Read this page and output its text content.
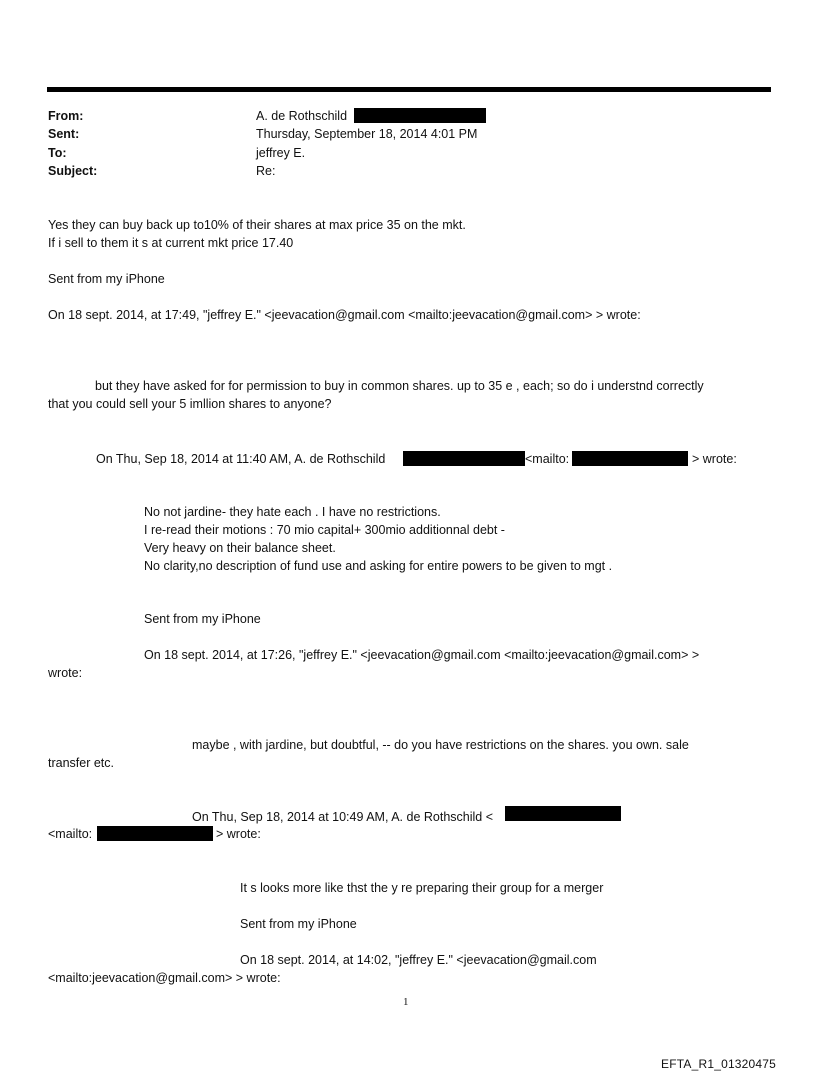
From:	A. de Rothschild
Sent:	Thursday, September 18, 2014 4:01 PM
To:	jeffrey E.
Subject:	Re:
Yes they can buy back up to10% of their shares at max price 35 on the mkt.
If i sell to them it s at current mkt price 17.40
Sent from my iPhone
On 18 sept. 2014, at 17:49, "jeffrey E." <jeevacation@gmail.com <mailto:jeevacation@gmail.com> > wrote:
but they have asked for for permission to buy in common shares. up to 35 e , each; so do i understnd correctly
that you could sell your 5 imllion shares to anyone?
On Thu, Sep 18, 2014 at 11:40 AM, A. de Rothschild	<mailto:	> wrote:
No not jardine- they hate each . I have no restrictions.
I re-read their motions : 70 mio capital+ 300mio additionnal debt -
Very heavy on their balance sheet.
No clarity,no description of fund use and asking for entire powers to be given to mgt .
Sent from my iPhone
On 18 sept. 2014, at 17:26, "jeffrey E." <jeevacation@gmail.com <mailto:jeevacation@gmail.com> >
wrote:
maybe , with jardine, but doubtful, -- do you have restrictions on the shares. you own. sale
transfer etc.
On Thu, Sep 18, 2014 at 10:49 AM, A. de Rothschild <
<mailto:	> wrote:
It s looks more like thst the y re preparing their group for a merger
Sent from my iPhone
On 18 sept. 2014, at 14:02, "jeffrey E." <jeevacation@gmail.com
<mailto:jeevacation@gmail.com> > wrote:
1
EFTA_R1_01320475
